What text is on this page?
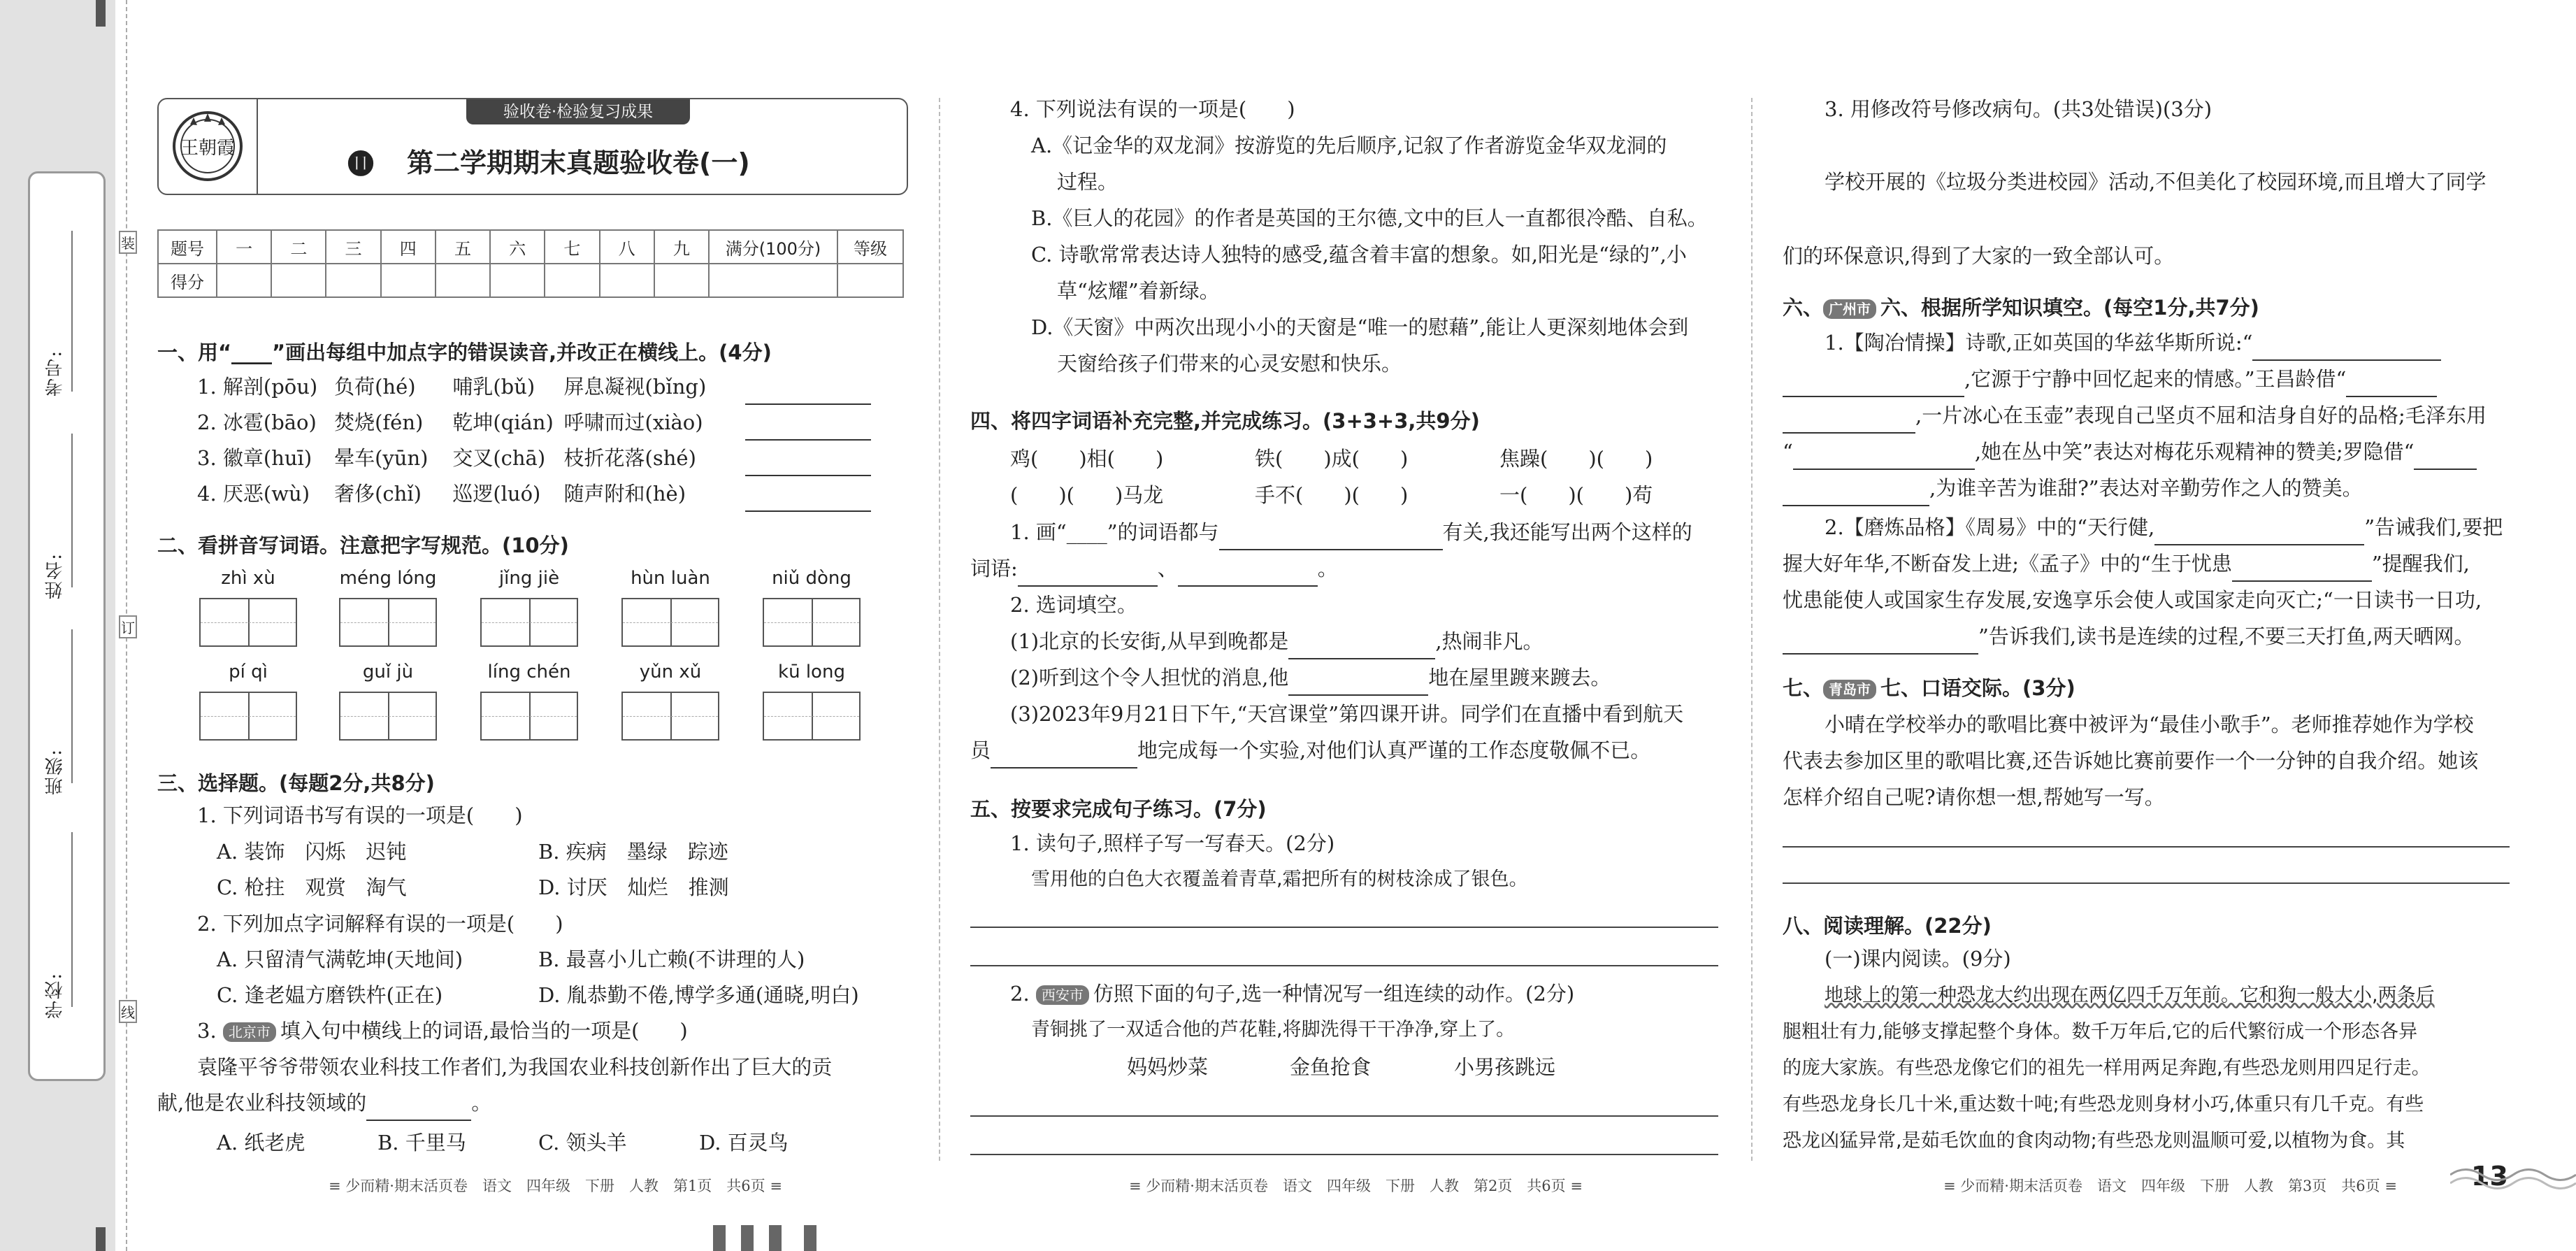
考号:
姓名:
班级:
学校:
装
订
线
王朝霞
验收卷·检验复习成果
⓫ 第二学期期末真题验收卷(一)
题号	一	二	三	四	五	六	七	八	九	满分(100分)	等级
得分											
一、用“____”画出每组中加点字的错误读音,并改正在横线上。(4分)
1. 解剖(pōu) 负荷(hé) 哺乳(bǔ) 屏息凝视(bǐng)
2. 冰雹(bāo) 焚烧(fén) 乾坤(qián) 呼啸而过(xiào)
3. 徽章(huī) 晕车(yūn) 交叉(chā) 枝折花落(shé)
4. 厌恶(wù) 奢侈(chǐ) 巡逻(luó) 随声附和(hè)
二、看拼音写词语。注意把字写规范。(10分)
zhì xù	méng lóng	jǐng jiè	hùn luàn	niǔ dòng
pí qì	guǐ jù	líng chén	yǔn xǔ	kū long
三、选择题。(每题2分,共8分)
1. 下列词语书写有误的一项是(　　)
A. 装饰　闪烁　迟钝	B. 疾病　墨绿　踪迹
C. 枪拄　观赏　淘气	D. 讨厌　灿烂　推测
2. 下列加点字词解释有误的一项是(　　)
A. 只留清气满乾坤(天地间)	B. 最喜小儿亡赖(不讲理的人)
C. 逢老媪方磨铁杵(正在)	D. 胤恭勤不倦,博学多通(通晓,明白)
3. 北京市 填入句中横线上的词语,最恰当的一项是(　　)
袁隆平爷爷带领农业科技工作者们,为我国农业科技创新作出了巨大的贡
献,他是农业科技领域的	。
A. 纸老虎	B. 千里马	C. 领头羊	D. 百灵鸟
≡ 少而精·期末活页卷　语文　四年级　下册　人教　第1页　共6页 ≡
4. 下列说法有误的一项是(　　)
A.《记金华的双龙洞》按游览的先后顺序,记叙了作者游览金华双龙洞的
过程。
B.《巨人的花园》的作者是英国的王尔德,文中的巨人一直都很冷酷、自私。
C. 诗歌常常表达诗人独特的感受,蕴含着丰富的想象。如,阳光是“绿的”,小
草“炫耀”着新绿。
D.《天窗》中两次出现小小的天窗是“唯一的慰藉”,能让人更深刻地体会到
天窗给孩子们带来的心灵安慰和快乐。
四、将四字词语补充完整,并完成练习。(3+3+3,共9分)
鸡(　　)相(　　)	铁(　　)成(　　)	焦躁(　　)(　　)
(　　)(　　)马龙	手不(　　)(　　)	一(　　)(　　)苟
1. 画“____”的词语都与	有关,我还能写出两个这样的
词语:	、	。
2. 选词填空。
(1)北京的长安街,从早到晚都是	,热闹非凡。
(2)听到这个令人担忧的消息,他	地在屋里踱来踱去。
(3)2023年9月21日下午,“天宫课堂”第四课开讲。同学们在直播中看到航天
员	地完成每一个实验,对他们认真严谨的工作态度敬佩不已。
五、按要求完成句子练习。(7分)
1. 读句子,照样子写一写春天。(2分)
雪用他的白色大衣覆盖着青草,霜把所有的树枝涂成了银色。
2. 西安市 仿照下面的句子,选一种情况写一组连续的动作。(2分)
青铜挑了一双适合他的芦花鞋,将脚洗得干干净净,穿上了。
妈妈炒菜	金鱼抢食	小男孩跳远
≡ 少而精·期末活页卷　语文　四年级　下册　人教　第2页　共6页 ≡
3. 用修改符号修改病句。(共3处错误)(3分)
学校开展的《垃圾分类进校园》活动,不但美化了校园环境,而且增大了同学
们的环保意识,得到了大家的一致全部认可。
六、 广州市 六、根据所学知识填空。(每空1分,共7分)
1.【陶冶情操】诗歌,正如英国的华兹华斯所说:“
,它源于宁静中回忆起来的情感。”王昌龄借“
,一片冰心在玉壶”表现自己坚贞不屈和洁身自好的品格;毛泽东用
“	,她在丛中笑”表达对梅花乐观精神的赞美;罗隐借“
,为谁辛苦为谁甜?”表达对辛勤劳作之人的赞美。
2.【磨炼品格】《周易》中的“天行健,	”告诫我们,要把
握大好年华,不断奋发上进;《孟子》中的“生于忧患	”提醒我们,
忧患能使人或国家生存发展,安逸享乐会使人或国家走向灭亡;“一日读书一日功,
”告诉我们,读书是连续的过程,不要三天打鱼,两天晒网。
七、 青岛市 七、口语交际。(3分)
小晴在学校举办的歌唱比赛中被评为“最佳小歌手”。老师推荐她作为学校
代表去参加区里的歌唱比赛,还告诉她比赛前要作一个一分钟的自我介绍。她该
怎样介绍自己呢?请你想一想,帮她写一写。
八、阅读理解。(22分)
(一)课内阅读。(9分)
地球上的第一种恐龙大约出现在两亿四千万年前。它和狗一般大小,两条后
腿粗壮有力,能够支撑起整个身体。数千万年后,它的后代繁衍成一个形态各异
的庞大家族。有些恐龙像它们的祖先一样用两足奔跑,有些恐龙则用四足行走。
有些恐龙身长几十米,重达数十吨;有些恐龙则身材小巧,体重只有几千克。有些
恐龙凶猛异常,是茹毛饮血的食肉动物;有些恐龙则温顺可爱,以植物为食。其
≡ 少而精·期末活页卷　语文　四年级　下册　人教　第3页　共6页 ≡	13
